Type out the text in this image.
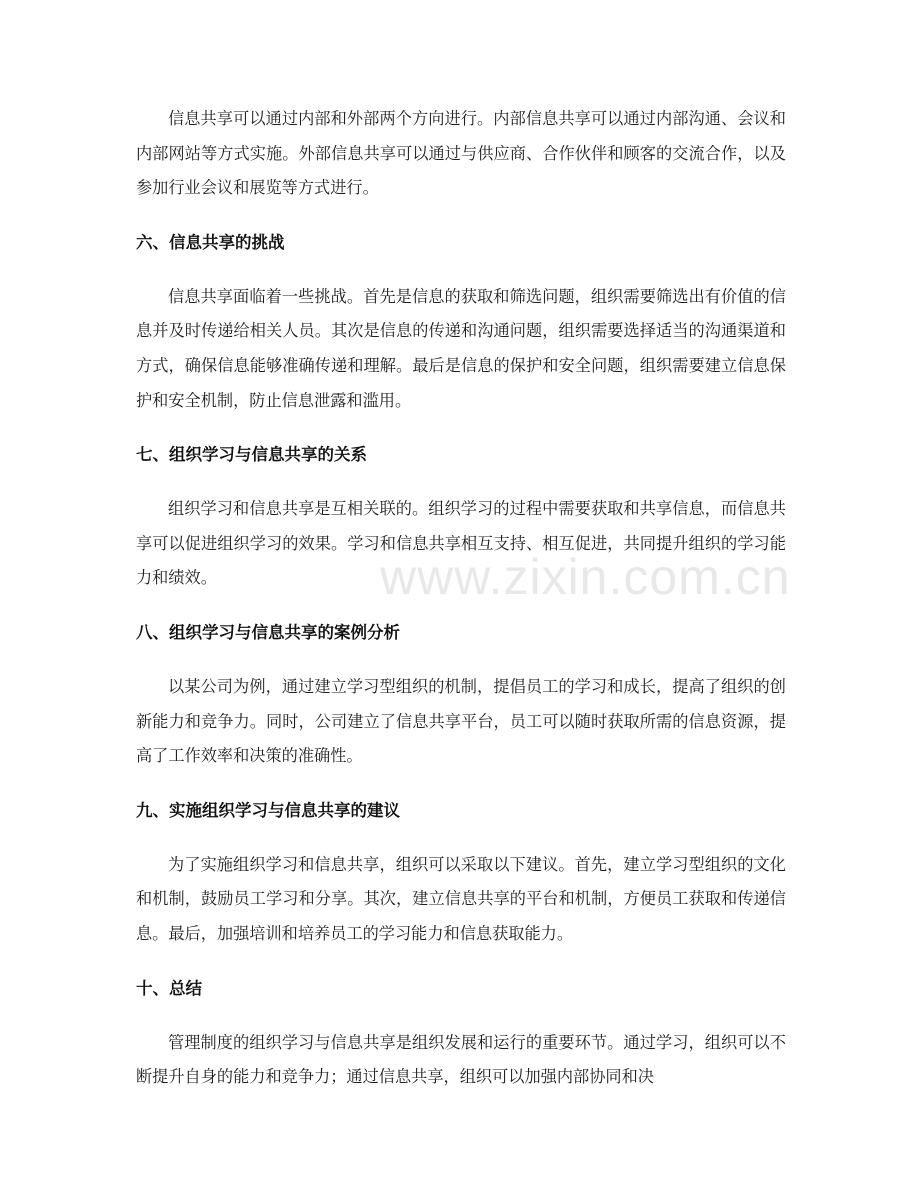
信息共享可以通过内部和外部两个方向进行。内部信息共享可以通过内部沟通、会议和内部网站等方式实施。外部信息共享可以通过与供应商、合作伙伴和顾客的交流合作，以及参加行业会议和展览等方式进行。

六、信息共享的挑战

信息共享面临着一些挑战。首先是信息的获取和筛选问题，组织需要筛选出有价值的信息并及时传递给相关人员。其次是信息的传递和沟通问题，组织需要选择适当的沟通渠道和方式，确保信息能够准确传递和理解。最后是信息的保护和安全问题，组织需要建立信息保护和安全机制，防止信息泄露和滥用。

七、组织学习与信息共享的关系

组织学习和信息共享是互相关联的。组织学习的过程中需要获取和共享信息，而信息共享可以促进组织学习的效果。学习和信息共享相互支持、相互促进，共同提升组织的学习能力和绩效。

八、组织学习与信息共享的案例分析

以某公司为例，通过建立学习型组织的机制，提倡员工的学习和成长，提高了组织的创新能力和竞争力。同时，公司建立了信息共享平台，员工可以随时获取所需的信息资源，提高了工作效率和决策的准确性。

九、实施组织学习与信息共享的建议

为了实施组织学习和信息共享，组织可以采取以下建议。首先，建立学习型组织的文化和机制，鼓励员工学习和分享。其次，建立信息共享的平台和机制，方便员工获取和传递信息。最后，加强培训和培养员工的学习能力和信息获取能力。

十、总结

管理制度的组织学习与信息共享是组织发展和运行的重要环节。通过学习，组织可以不断提升自身的能力和竞争力；通过信息共享，组织可以加强内部协同和决

www.zixin.com.cn
